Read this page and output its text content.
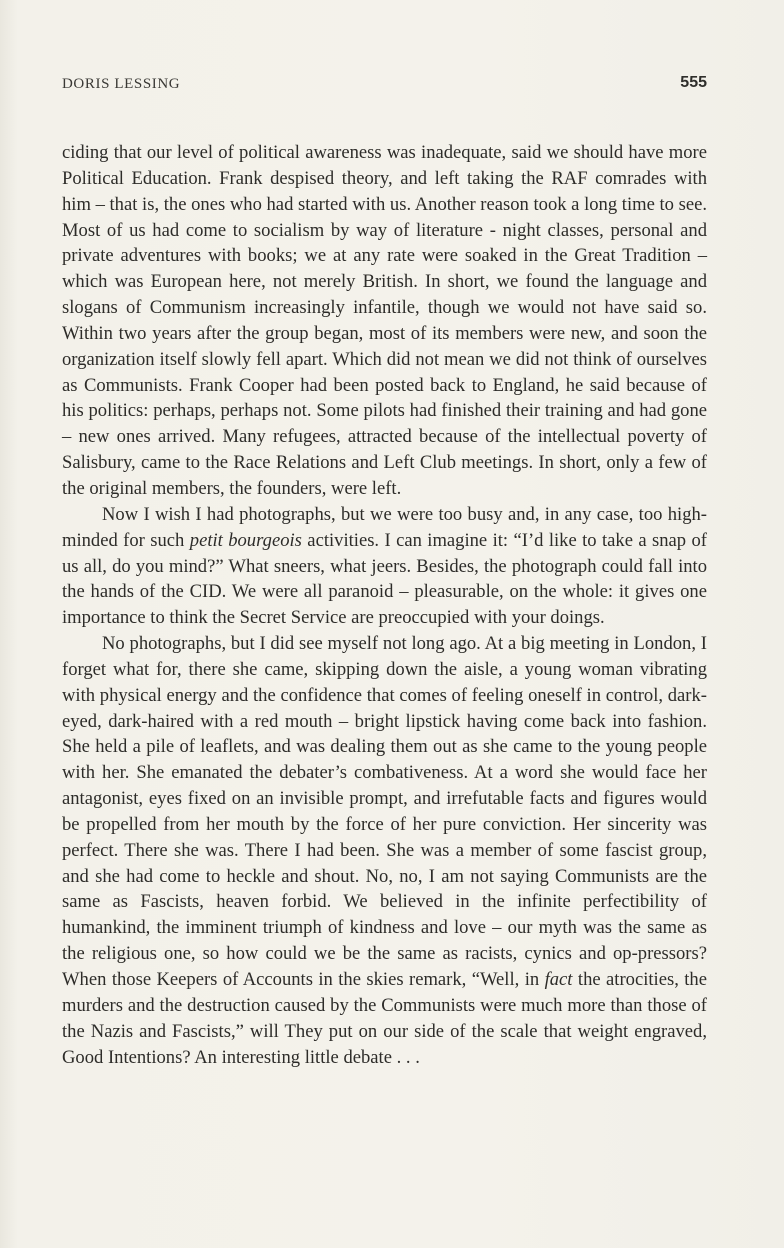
DORIS LESSING	555

ciding that our level of political awareness was inadequate, said we should have more Political Education. Frank despised theory, and left taking the RAF comrades with him – that is, the ones who had started with us. Another reason took a long time to see. Most of us had come to socialism by way of literature - night classes, personal and private adventures with books; we at any rate were soaked in the Great Tradition – which was European here, not merely British. In short, we found the language and slogans of Communism increasingly infantile, though we would not have said so. Within two years after the group began, most of its members were new, and soon the organization itself slowly fell apart. Which did not mean we did not think of ourselves as Communists. Frank Cooper had been posted back to England, he said because of his politics: perhaps, perhaps not. Some pilots had finished their training and had gone – new ones arrived. Many refugees, attracted because of the intellectual poverty of Salisbury, came to the Race Relations and Left Club meetings. In short, only a few of the original members, the founders, were left.

Now I wish I had photographs, but we were too busy and, in any case, too high-minded for such petit bourgeois activities. I can imagine it: “I’d like to take a snap of us all, do you mind?” What sneers, what jeers. Besides, the photograph could fall into the hands of the CID. We were all paranoid – pleasurable, on the whole: it gives one importance to think the Secret Service are preoccupied with your doings.

No photographs, but I did see myself not long ago. At a big meeting in London, I forget what for, there she came, skipping down the aisle, a young woman vibrating with physical energy and the confidence that comes of feeling oneself in control, dark-eyed, dark-haired with a red mouth – bright lipstick having come back into fashion. She held a pile of leaflets, and was dealing them out as she came to the young people with her. She emanated the debater’s combativeness. At a word she would face her antagonist, eyes fixed on an invisible prompt, and irrefutable facts and figures would be propelled from her mouth by the force of her pure conviction. Her sincerity was perfect. There she was. There I had been. She was a member of some fascist group, and she had come to heckle and shout. No, no, I am not saying Communists are the same as Fascists, heaven forbid. We believed in the infinite perfectibility of humankind, the imminent triumph of kindness and love – our myth was the same as the religious one, so how could we be the same as racists, cynics and op-pressors? When those Keepers of Accounts in the skies remark, “Well, in fact the atrocities, the murders and the destruction caused by the Communists were much more than those of the Nazis and Fascists,” will They put on our side of the scale that weight engraved, Good Intentions? An interesting little debate . . .
